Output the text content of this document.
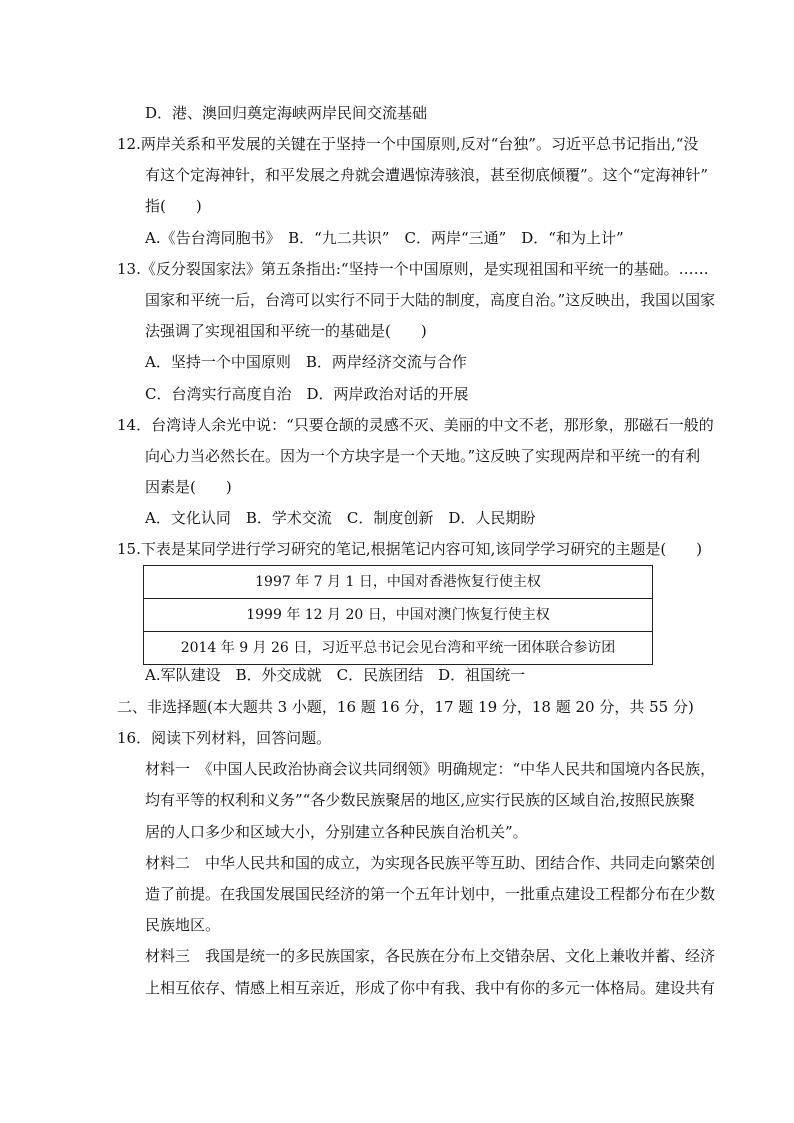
D．港、澳回归奠定海峡两岸民间交流基础
12.两岸关系和平发展的关键在于坚持一个中国原则,反对“台独”。习近平总书记指出,“没
有这个定海神针，和平发展之舟就会遭遇惊涛骇浪，甚至彻底倾覆”。这个“定海神针”
指(　　)
A.《告台湾同胞书》　B．“九二共识”　C．两岸“三通”　D．“和为上计”
13.《反分裂国家法》第五条指出:“坚持一个中国原则，是实现祖国和平统一的基础。……
国家和平统一后，台湾可以实行不同于大陆的制度，高度自治。”这反映出，我国以国家
法强调了实现祖国和平统一的基础是(　　)
A．坚持一个中国原则　B．两岸经济交流与合作
C．台湾实行高度自治　D．两岸政治对话的开展
14．台湾诗人余光中说：“只要仓颉的灵感不灭、美丽的中文不老，那形象，那磁石一般的
向心力当必然长在。因为一个方块字是一个天地。”这反映了实现两岸和平统一的有利
因素是(　　)
A．文化认同　B．学术交流　C．制度创新　D．人民期盼
15.下表是某同学进行学习研究的笔记,根据笔记内容可知,该同学学习研究的主题是(　　)
1997 年 7 月 1 日，中国对香港恢复行使主权
1999 年 12 月 20 日，中国对澳门恢复行使主权
2014 年 9 月 26 日，习近平总书记会见台湾和平统一团体联合参访团
A.军队建设　B．外交成就　C．民族团结　D．祖国统一
二、非选择题(本大题共 3 小题，16 题 16 分，17 题 19 分，18 题 20 分，共 55 分)
16．阅读下列材料，回答问题。
材料一　《中国人民政治协商会议共同纲领》明确规定：“中华人民共和国境内各民族，
均有平等的权利和义务”“各少数民族聚居的地区,应实行民族的区域自治,按照民族聚
居的人口多少和区域大小，分别建立各种民族自治机关”。
材料二　中华人民共和国的成立，为实现各民族平等互助、团结合作、共同走向繁荣创
造了前提。在我国发展国民经济的第一个五年计划中，一批重点建设工程都分布在少数
民族地区。
材料三　我国是统一的多民族国家，各民族在分布上交错杂居、文化上兼收并蓄、经济
上相互依存、情感上相互亲近，形成了你中有我、我中有你的多元一体格局。建设共有
